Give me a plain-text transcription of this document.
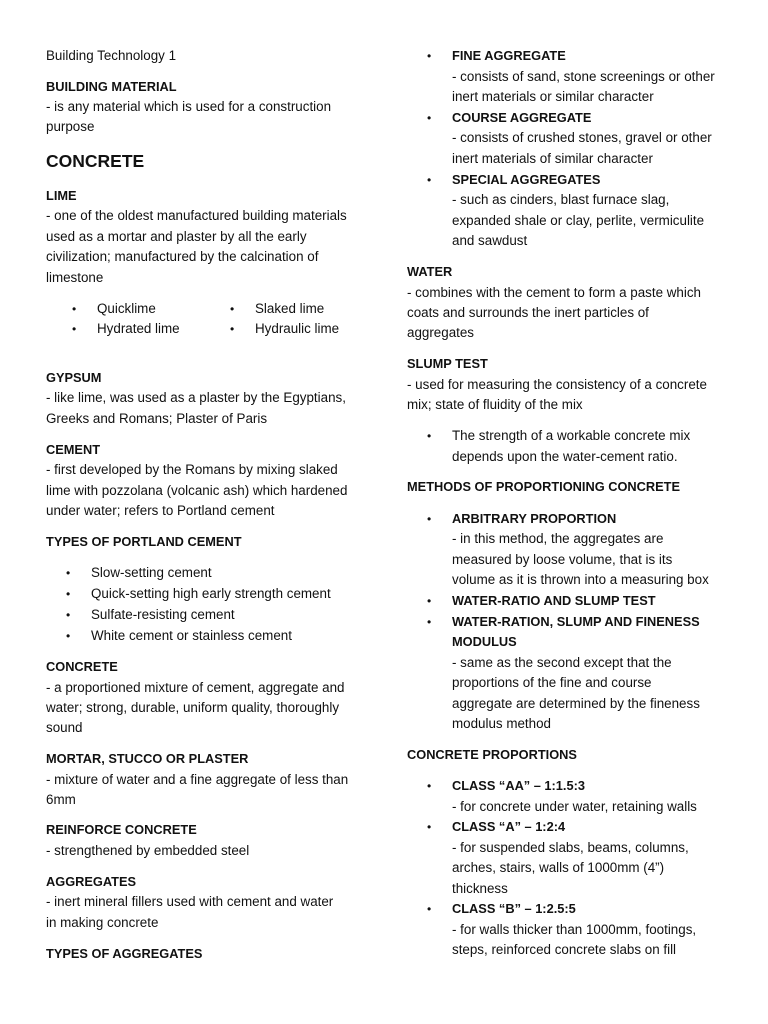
Building Technology 1
BUILDING MATERIAL
- is any material which is used for a construction
purpose
CONCRETE
LIME
- one of the oldest manufactured building materials
used as a mortar and plaster by all the early
civilization; manufactured by the calcination of
limestone
• Quicklime	• Slaked lime
• Hydrated lime	• Hydraulic lime
GYPSUM
- like lime, was used as a plaster by the Egyptians,
Greeks and Romans; Plaster of Paris
CEMENT
- first developed by the Romans by mixing slaked
lime with pozzolana (volcanic ash) which hardened
under water; refers to Portland cement
TYPES OF PORTLAND CEMENT
• Slow-setting cement
• Quick-setting high early strength cement
• Sulfate-resisting cement
• White cement or stainless cement
CONCRETE
- a proportioned mixture of cement, aggregate and
water; strong, durable, uniform quality, thoroughly
sound
MORTAR, STUCCO OR PLASTER
- mixture of water and a fine aggregate of less than
6mm
REINFORCE CONCRETE
- strengthened by embedded steel
AGGREGATES
- inert mineral fillers used with cement and water
in making concrete
TYPES OF AGGREGATES
• FINE AGGREGATE
- consists of sand, stone screenings or other
inert materials or similar character
• COURSE AGGREGATE
- consists of crushed stones, gravel or other
inert materials of similar character
• SPECIAL AGGREGATES
- such as cinders, blast furnace slag,
expanded shale or clay, perlite, vermiculite
and sawdust
WATER
- combines with the cement to form a paste which
coats and surrounds the inert particles of
aggregates
SLUMP TEST
- used for measuring the consistency of a concrete
mix; state of fluidity of the mix
• The strength of a workable concrete mix
depends upon the water-cement ratio.
METHODS OF PROPORTIONING CONCRETE
• ARBITRARY PROPORTION
- in this method, the aggregates are
measured by loose volume, that is its
volume as it is thrown into a measuring box
• WATER-RATIO AND SLUMP TEST
• WATER-RATION, SLUMP AND FINENESS
MODULUS
- same as the second except that the
proportions of the fine and course
aggregate are determined by the fineness
modulus method
CONCRETE PROPORTIONS
• CLASS “AA” – 1:1.5:3
- for concrete under water, retaining walls
• CLASS “A” – 1:2:4
- for suspended slabs, beams, columns,
arches, stairs, walls of 1000mm (4”)
thickness
• CLASS “B” – 1:2.5:5
- for walls thicker than 1000mm, footings,
steps, reinforced concrete slabs on fill
